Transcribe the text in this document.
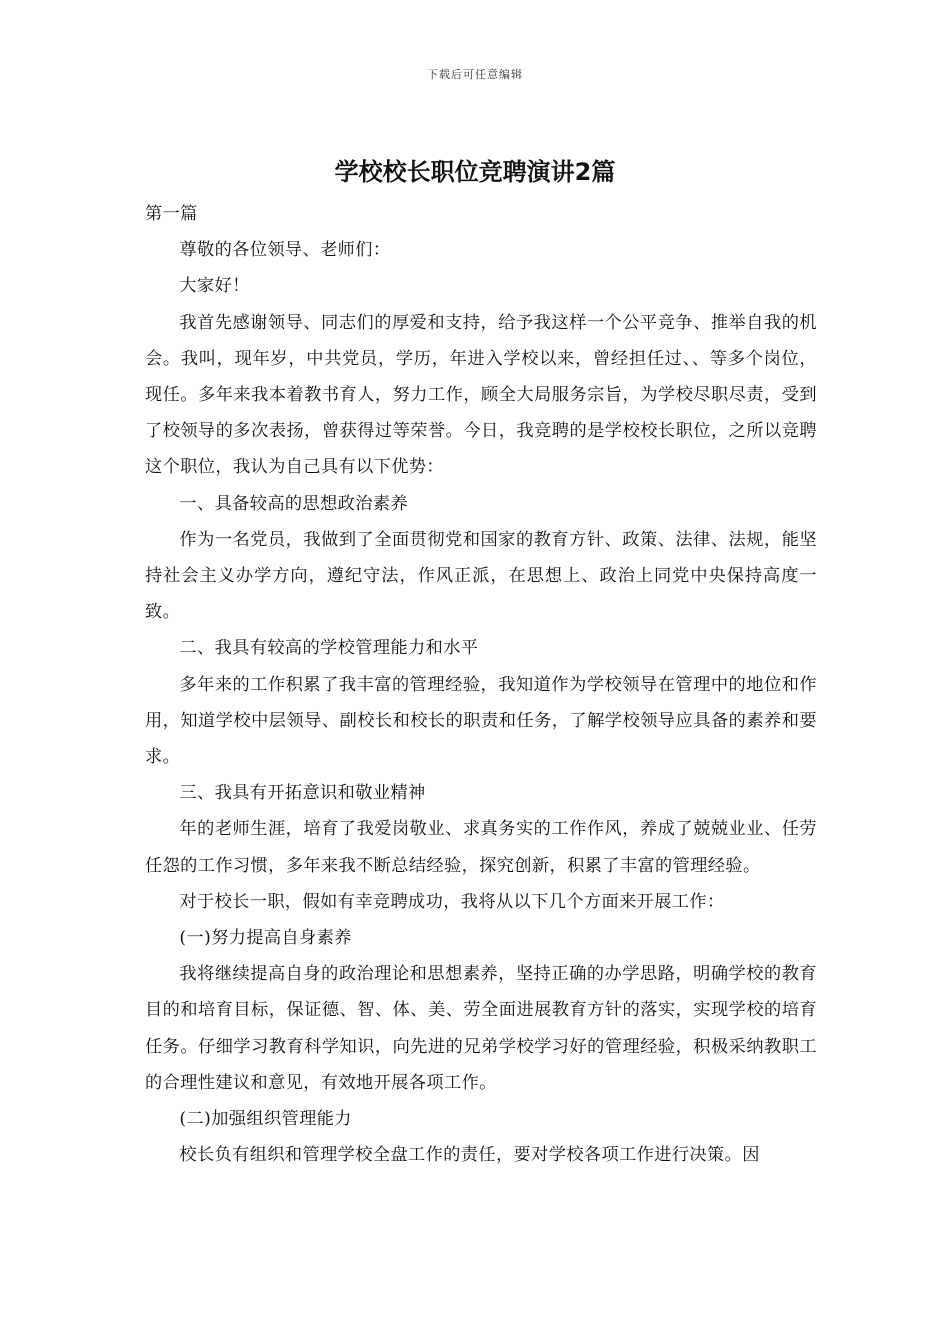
下载后可任意编辑
学校校长职位竞聘演讲2篇

第一篇

尊敬的各位领导、老师们：

大家好！

我首先感谢领导、同志们的厚爱和支持，给予我这样一个公平竞争、推举自我的机会。我叫，现年岁，中共党员，学历，年进入学校以来，曾经担任过、、等多个岗位，现任。多年来我本着教书育人，努力工作，顾全大局服务宗旨，为学校尽职尽责，受到了校领导的多次表扬，曾获得过等荣誉。今日，我竞聘的是学校校长职位，之所以竞聘这个职位，我认为自己具有以下优势：

一、具备较高的思想政治素养

作为一名党员，我做到了全面贯彻党和国家的教育方针、政策、法律、法规，能坚持社会主义办学方向，遵纪守法，作风正派，在思想上、政治上同党中央保持高度一致。

二、我具有较高的学校管理能力和水平

多年来的工作积累了我丰富的管理经验，我知道作为学校领导在管理中的地位和作用，知道学校中层领导、副校长和校长的职责和任务，了解学校领导应具备的素养和要求。

三、我具有开拓意识和敬业精神

年的老师生涯，培育了我爱岗敬业、求真务实的工作作风，养成了兢兢业业、任劳任怨的工作习惯，多年来我不断总结经验，探究创新，积累了丰富的管理经验。

对于校长一职，假如有幸竞聘成功，我将从以下几个方面来开展工作：

(一)努力提高自身素养

我将继续提高自身的政治理论和思想素养，坚持正确的办学思路，明确学校的教育目的和培育目标，保证德、智、体、美、劳全面进展教育方针的落实，实现学校的培育任务。仔细学习教育科学知识，向先进的兄弟学校学习好的管理经验，积极采纳教职工的合理性建议和意见，有效地开展各项工作。

(二)加强组织管理能力

校长负有组织和管理学校全盘工作的责任，要对学校各项工作进行决策。因
